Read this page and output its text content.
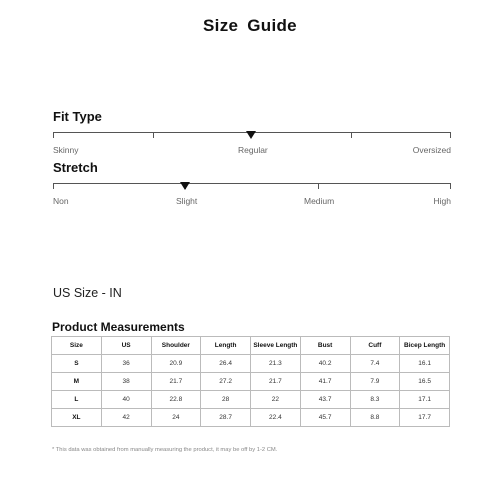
Size Guide
Fit Type
Skinny	Regular	Oversized
Stretch
Non	Slight	Medium	High
US Size - IN
Product Measurements
Size	US	Shoulder	Length	Sleeve Length	Bust	Cuff	Bicep Length
S	36	20.9	26.4	21.3	40.2	7.4	16.1
M	38	21.7	27.2	21.7	41.7	7.9	16.5
L	40	22.8	28	22	43.7	8.3	17.1
XL	42	24	28.7	22.4	45.7	8.8	17.7
* This data was obtained from manually measuring the product, it may be off by 1-2 CM.
